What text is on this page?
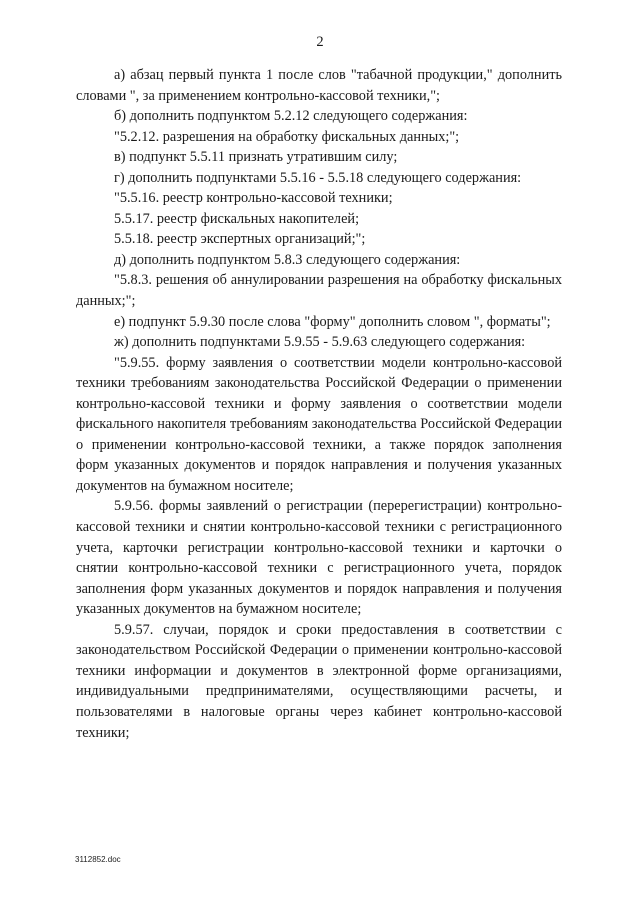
2

а) абзац первый пункта 1 после слов "табачной продукции," дополнить словами ", за применением контрольно-кассовой техники,";

б) дополнить подпунктом 5.2.12 следующего содержания:

"5.2.12. разрешения на обработку фискальных данных;";

в) подпункт 5.5.11 признать утратившим силу;

г) дополнить подпунктами 5.5.16 - 5.5.18 следующего содержания:

"5.5.16. реестр контрольно-кассовой техники;

5.5.17. реестр фискальных накопителей;

5.5.18. реестр экспертных организаций;";

д) дополнить подпунктом 5.8.3 следующего содержания:

"5.8.3. решения об аннулировании разрешения на обработку фискальных данных;";

е) подпункт 5.9.30 после слова "форму" дополнить словом ", форматы";

ж) дополнить подпунктами 5.9.55 - 5.9.63 следующего содержания:

"5.9.55. форму заявления о соответствии модели контрольно-кассовой техники требованиям законодательства Российской Федерации о применении контрольно-кассовой техники и форму заявления о соответствии модели фискального накопителя требованиям законодательства Российской Федерации о применении контрольно-кассовой техники, а также порядок заполнения форм указанных документов и порядок направления и получения указанных документов на бумажном носителе;

5.9.56. формы заявлений о регистрации (перерегистрации) контрольно-кассовой техники и снятии контрольно-кассовой техники с регистрационного учета, карточки регистрации контрольно-кассовой техники и карточки о снятии контрольно-кассовой техники с регистрационного учета, порядок заполнения форм указанных документов и порядок направления и получения указанных документов на бумажном носителе;

5.9.57. случаи, порядок и сроки предоставления в соответствии с законодательством Российской Федерации о применении контрольно-кассовой техники информации и документов в электронной форме организациями, индивидуальными предпринимателями, осуществляющими расчеты, и пользователями в налоговые органы через кабинет контрольно-кассовой техники;

3112852.doc
